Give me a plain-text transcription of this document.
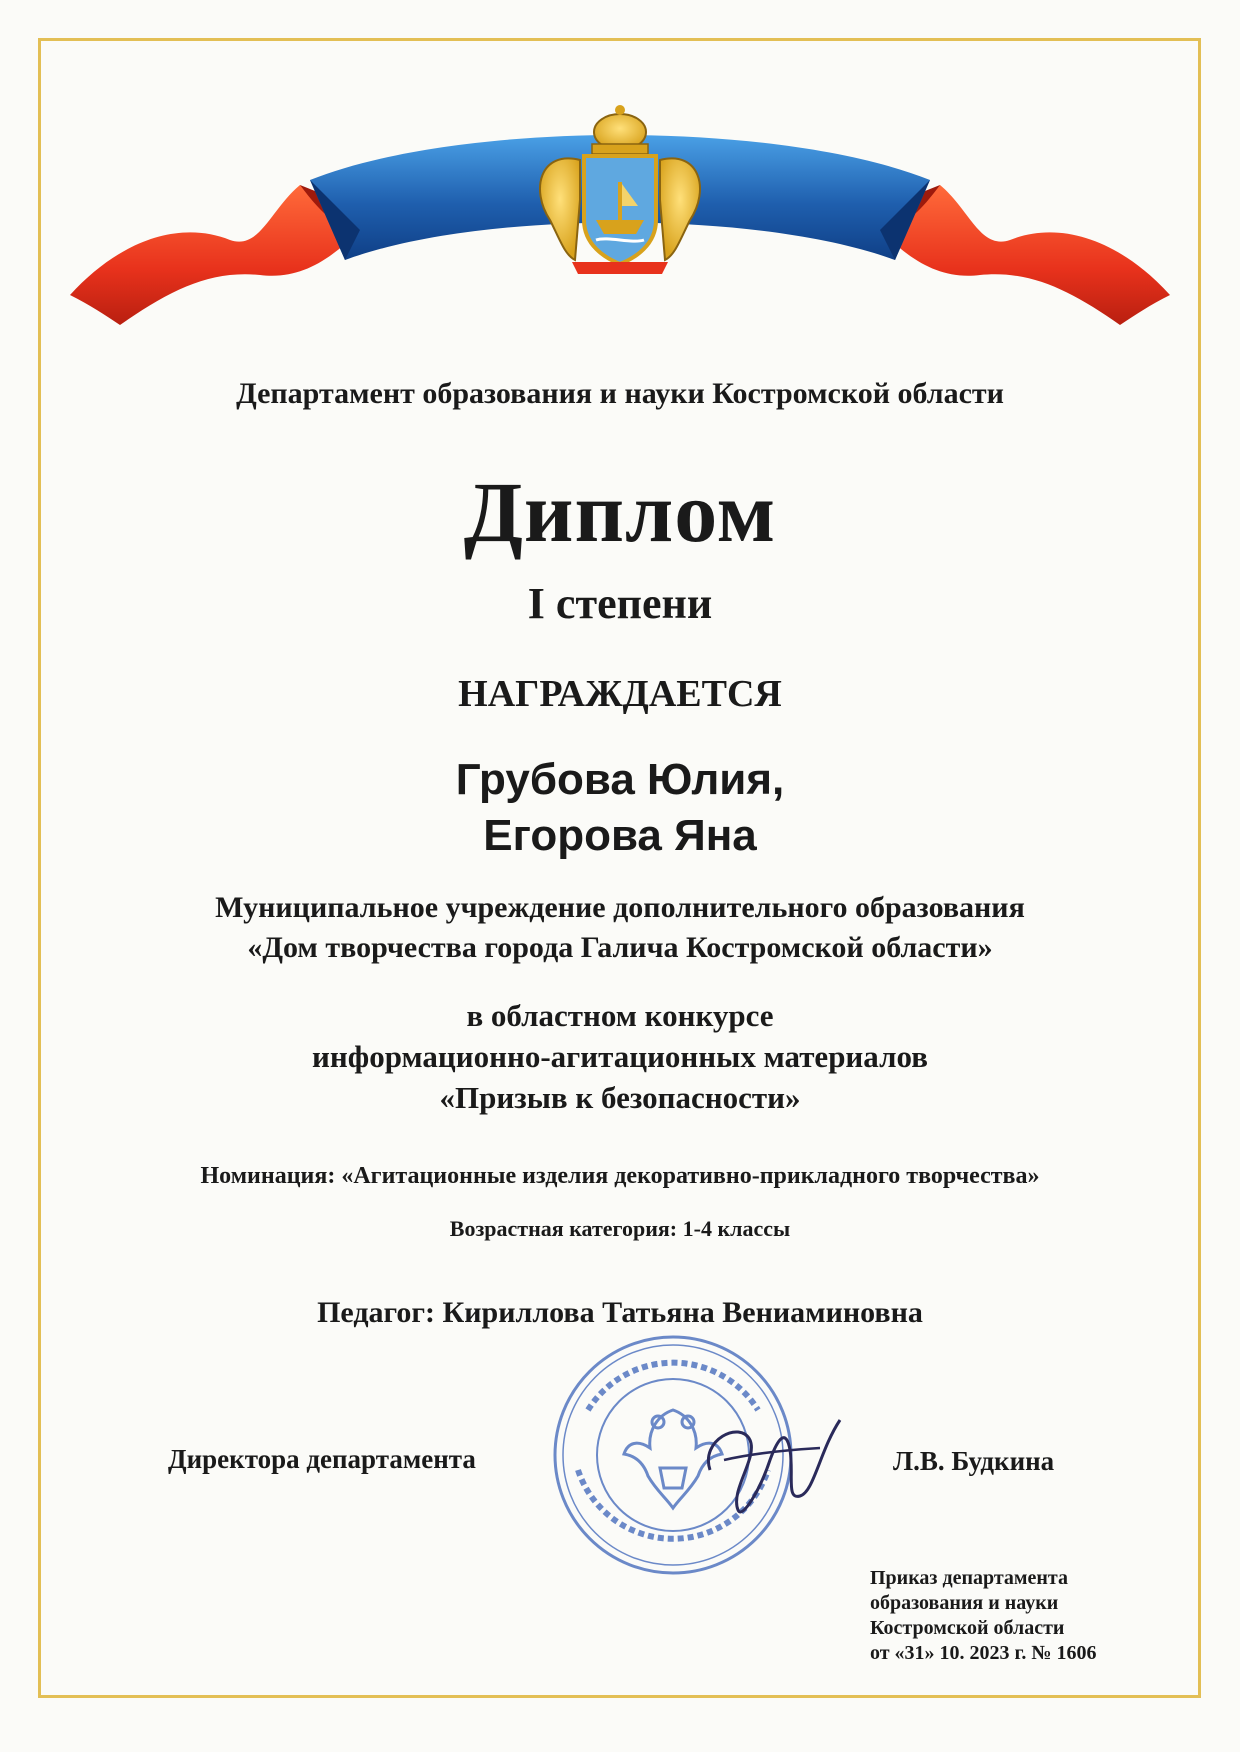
Департамент образования и науки Костромской области
Диплом
I степени
НАГРАЖДАЕТСЯ
Грубова Юлия,
Егорова Яна
Муниципальное учреждение дополнительного образования
«Дом творчества города Галича Костромской области»
в областном конкурсе
информационно-агитационных материалов
«Призыв к безопасности»
Номинация: «Агитационные изделия декоративно-прикладного творчества»
Возрастная категория: 1-4 классы
Педагог: Кириллова Татьяна Вениаминовна
Директора департамента	Л.В. Будкина
Приказ департамента
образования и науки
Костромской области
от «31» 10. 2023 г. № 1606
